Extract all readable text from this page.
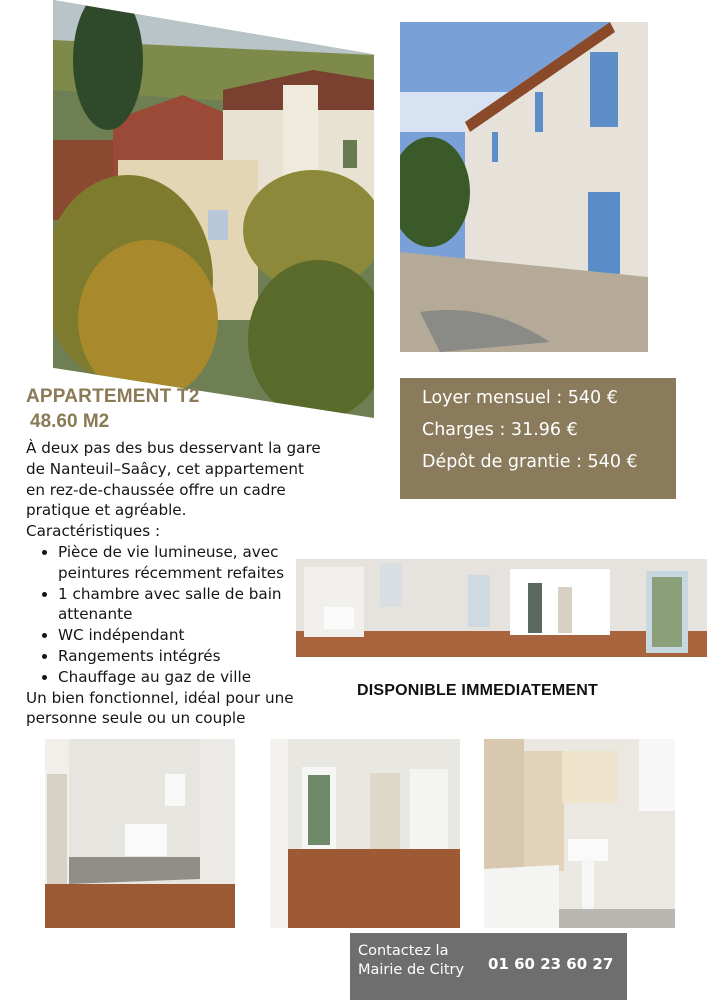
APPARTEMENT T2
48.60 M2

À deux pas des bus desservant la gare de Nanteuil–Saâcy, cet appartement en rez-de-chaussée offre un cadre pratique et agréable.

Caractéristiques :

• Pièce de vie lumineuse, avec peintures récemment refaites
• 1 chambre avec salle de bain attenante
• WC indépendant
• Rangements intégrés
• Chauffage au gaz de ville

Un bien fonctionnel, idéal pour une personne seule ou un couple

Loyer mensuel : 540 €
Charges : 31.96 €
Dépôt de grantie : 540 €
DISPONIBLE IMMEDIATEMENT
Contactez la Mairie de Citry	01 60 23 60 27
